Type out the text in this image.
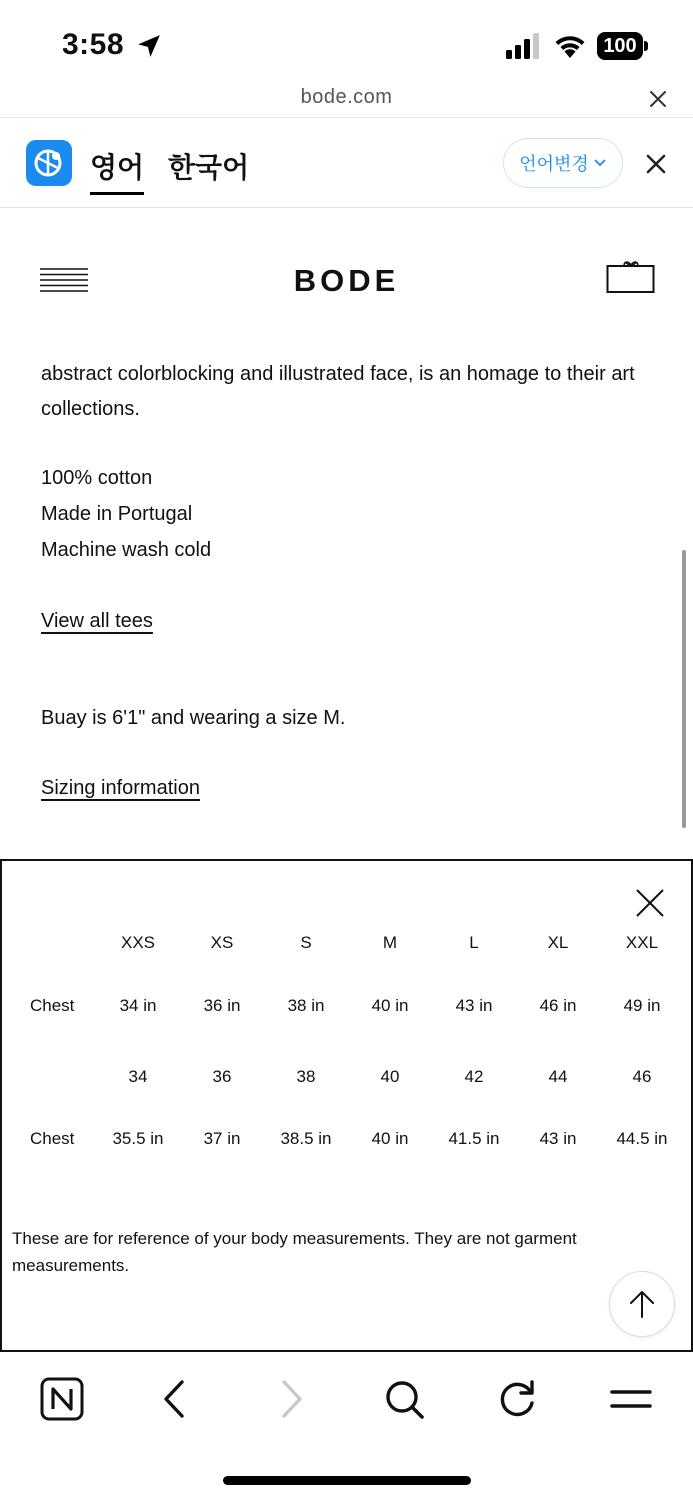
3:58	100
bode.com
영어 한국어	언어변경
BODE
abstract colorblocking and illustrated face, is an homage to their art collections.
100% cotton
Made in Portugal
Machine wash cold
View all tees
Buay is 6'1" and wearing a size M.
Sizing information
XXS	XS	S	M	L	XL	XXL
Chest	34 in	36 in	38 in	40 in	43 in	46 in	49 in
34	36	38	40	42	44	46
Chest	35.5 in	37 in	38.5 in	40 in	41.5 in	43 in	44.5 in
These are for reference of your body measurements. They are not garment measurements.
